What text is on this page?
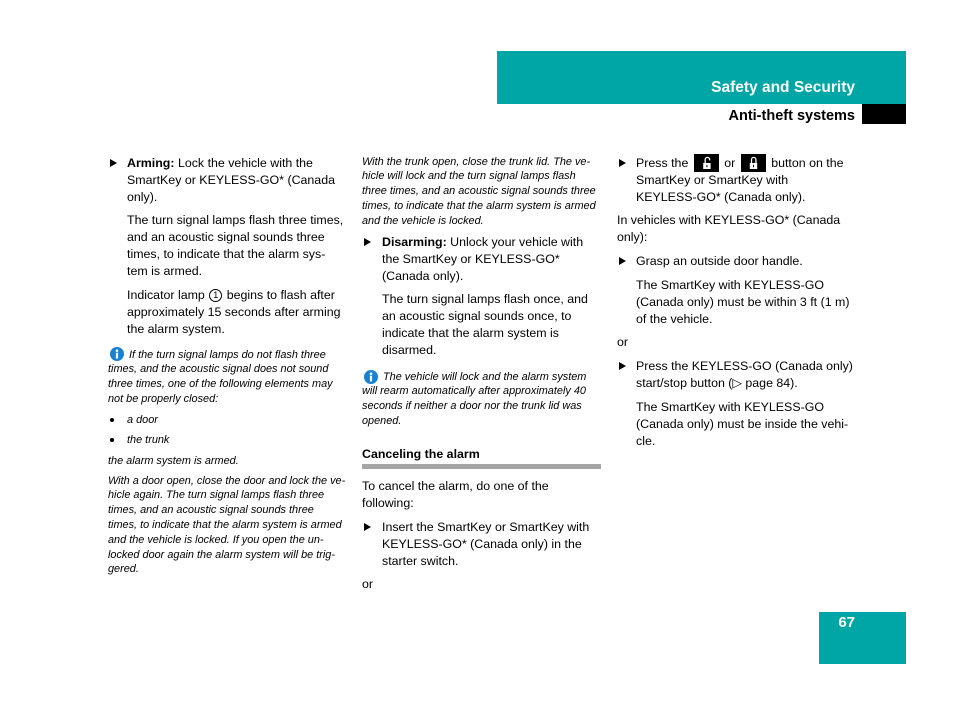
Safety and Security
Anti-theft systems
Arming: Lock the vehicle with the
SmartKey or KEYLESS-GO* (Canada
only).
The turn signal lamps flash three times,
and an acoustic signal sounds three
times, to indicate that the alarm sys-
tem is armed.
Indicator lamp 1 begins to flash after
approximately 15 seconds after arming
the alarm system.
If the turn signal lamps do not flash three
times, and the acoustic signal does not sound
three times, one of the following elements may
not be properly closed:
a door
the trunk
the alarm system is armed.
With a door open, close the door and lock the ve-
hicle again. The turn signal lamps flash three
times, and an acoustic signal sounds three
times, to indicate that the alarm system is armed
and the vehicle is locked. If you open the un-
locked door again the alarm system will be trig-
gered.
With the trunk open, close the trunk lid. The ve-
hicle will lock and the turn signal lamps flash
three times, and an acoustic signal sounds three
times, to indicate that the alarm system is armed
and the vehicle is locked.
Disarming: Unlock your vehicle with
the SmartKey or KEYLESS-GO*
(Canada only).
The turn signal lamps flash once, and
an acoustic signal sounds once, to
indicate that the alarm system is
disarmed.
The vehicle will lock and the alarm system
will rearm automatically after approximately 40
seconds if neither a door nor the trunk lid was
opened.
Canceling the alarm
To cancel the alarm, do one of the
following:
Insert the SmartKey or SmartKey with
KEYLESS-GO* (Canada only) in the
starter switch.
or
Press the	or	button on the
SmartKey or SmartKey with
KEYLESS-GO* (Canada only).
In vehicles with KEYLESS-GO* (Canada
only):
Grasp an outside door handle.
The SmartKey with KEYLESS-GO
(Canada only) must be within 3 ft (1 m)
of the vehicle.
or
Press the KEYLESS-GO (Canada only)
start/stop button (▷ page 84).
The SmartKey with KEYLESS-GO
(Canada only) must be inside the vehi-
cle.
67
